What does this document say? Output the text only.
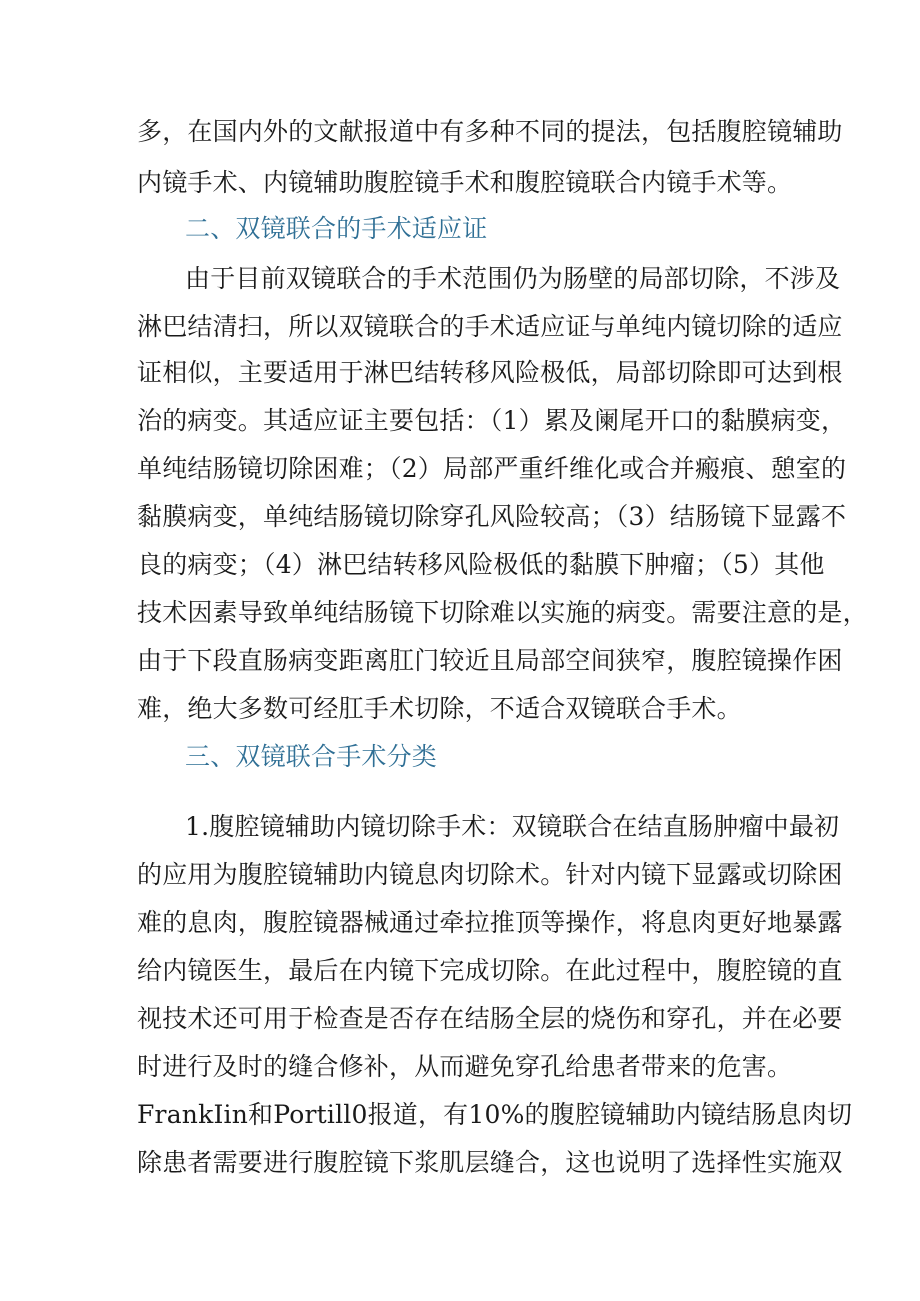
多，在国内外的文献报道中有多种不同的提法，包括腹腔镜辅助
内镜手术、内镜辅助腹腔镜手术和腹腔镜联合内镜手术等。
二、双镜联合的手术适应证
由于目前双镜联合的手术范围仍为肠壁的局部切除，不涉及
淋巴结清扫，所以双镜联合的手术适应证与单纯内镜切除的适应
证相似，主要适用于淋巴结转移风险极低，局部切除即可达到根
治的病变。其适应证主要包括：（1）累及阑尾开口的黏膜病变，
单纯结肠镜切除困难；（2）局部严重纤维化或合并瘢痕、憩室的
黏膜病变，单纯结肠镜切除穿孔风险较高；（3）结肠镜下显露不
良的病变；（4）淋巴结转移风险极低的黏膜下肿瘤；（5）其他
技术因素导致单纯结肠镜下切除难以实施的病变。需要注意的是，
由于下段直肠病变距离肛门较近且局部空间狭窄，腹腔镜操作困
难，绝大多数可经肛手术切除，不适合双镜联合手术。
三、双镜联合手术分类
1.腹腔镜辅助内镜切除手术：双镜联合在结直肠肿瘤中最初
的应用为腹腔镜辅助内镜息肉切除术。针对内镜下显露或切除困
难的息肉，腹腔镜器械通过牵拉推顶等操作，将息肉更好地暴露
给内镜医生，最后在内镜下完成切除。在此过程中，腹腔镜的直
视技术还可用于检查是否存在结肠全层的烧伤和穿孔，并在必要
时进行及时的缝合修补，从而避免穿孔给患者带来的危害。
FrankIin和Portill0报道，有10%的腹腔镜辅助内镜结肠息肉切
除患者需要进行腹腔镜下浆肌层缝合，这也说明了选择性实施双
